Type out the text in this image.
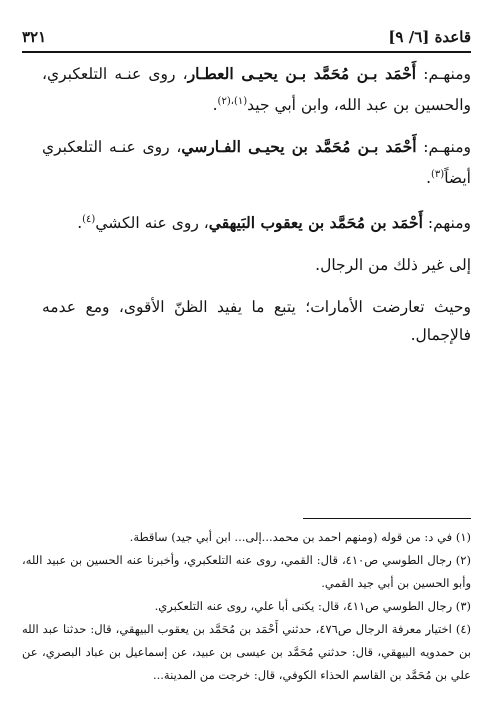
قاعدة [٦/ ٩]
٣٢١

ومنهـم: أَحْمَد بـن مُحَمَّد بـن يحيـى العطـار، روى عنـه التلعكبري، والحسين بن عبد الله، وابن أبي جيد$^{(١)،(٢)}$.

ومنهـم: أَحْمَد بـن مُحَمَّد بن يحيـى الفـارسي، روى عنـه التلعكبري أيضاً$^{(٣)}$.

ومنهم: أَحْمَد بن مُحَمَّد بن يعقوب البَيهقي، روى عنه الكشي$^{(٤)}$.

إلى غير ذلك من الرجال.

وحيث تعارضت الأمارات؛ يتبع ما يفيد الظنّ الأقوى، ومع عدمه فالإجمال.

(١) في د: من قوله (ومنهم احمد بن محمد...إلى... ابن أبي جيد) ساقطة.

(٢) رجال الطوسي ص٤١٠، قال: القمي، روى عنه التلعكبري، وأخبرنا عنه الحسين بن عبيد الله، وأبو الحسين بن أبي جيد القمي.

(٣) رجال الطوسي ص٤١١، قال: يكنى أبا علي، روى عنه التلعكبري.

(٤) اختيار معرفة الرجال ص٤٧٦، حدثني أَحْمَد بن مُحَمَّد بن يعقوب البيهقي، قال: حدثنا عبد الله بن حمدويه البيهقي، قال: حدثني مُحَمَّد بن عيسى بن عبيد، عن إسماعيل بن عباد البصري، عن علي بن مُحَمَّد بن القاسم الحذاء الكوفي، قال: خرجت من المدينة...
